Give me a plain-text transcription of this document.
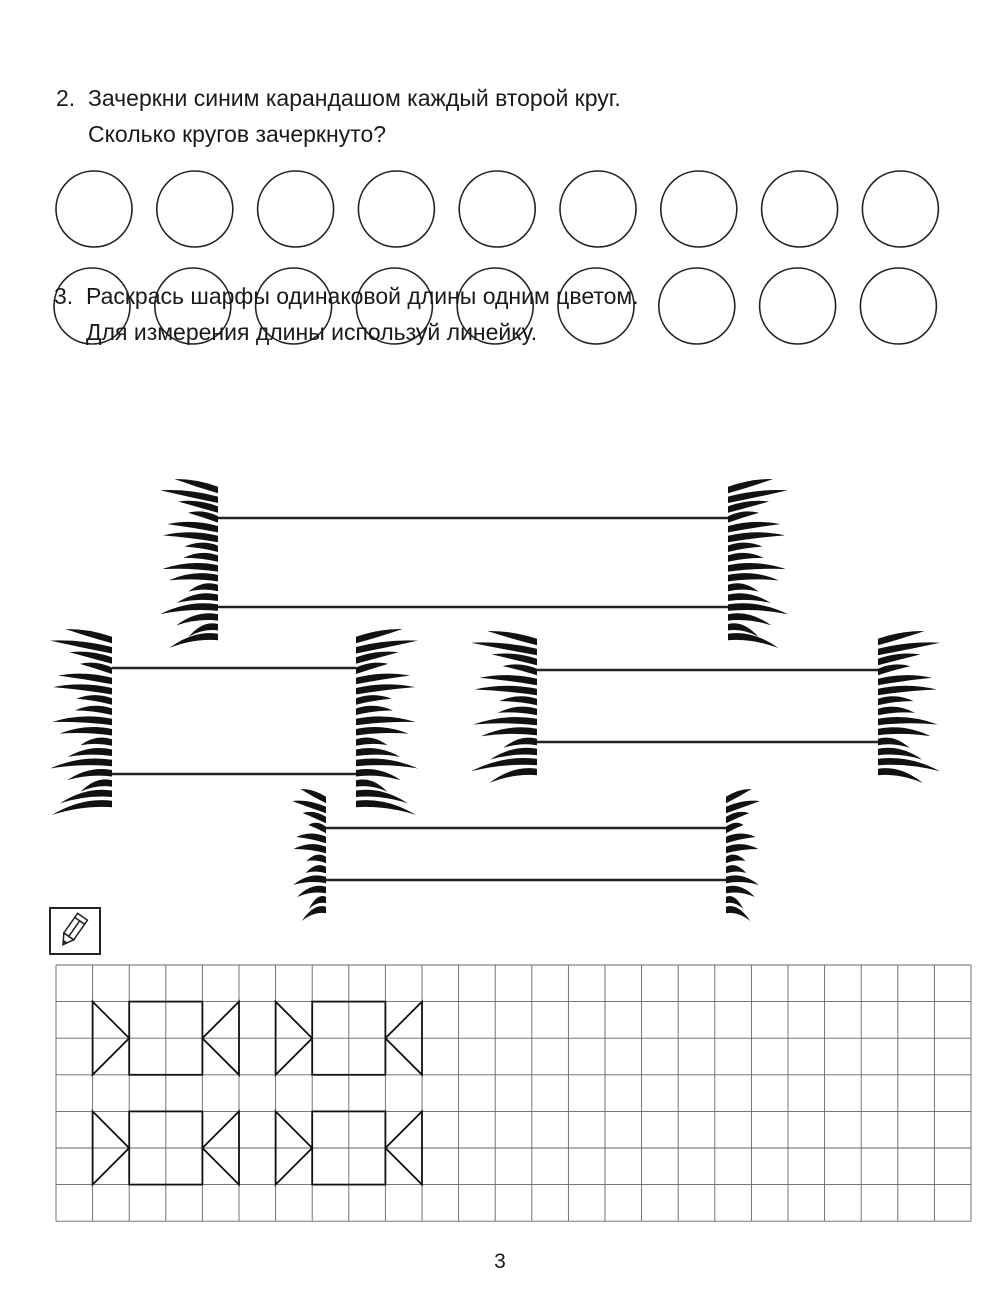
2. Зачеркни синим карандашом каждый второй круг.
Сколько кругов зачеркнуто?
3. Раскрась шарфы одинаковой длины одним цветом.
Для измерения длины используй линейку.
3
